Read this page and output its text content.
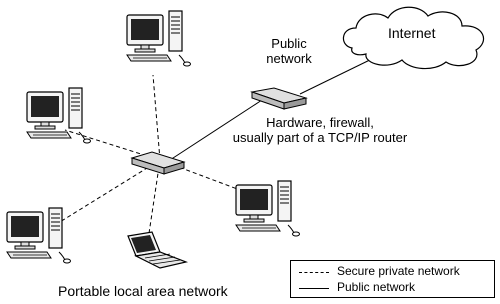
Public
network
Internet
Hardware, firewall,
usually part of a TCP/IP router
Portable local area network
Secure private network
Public network
